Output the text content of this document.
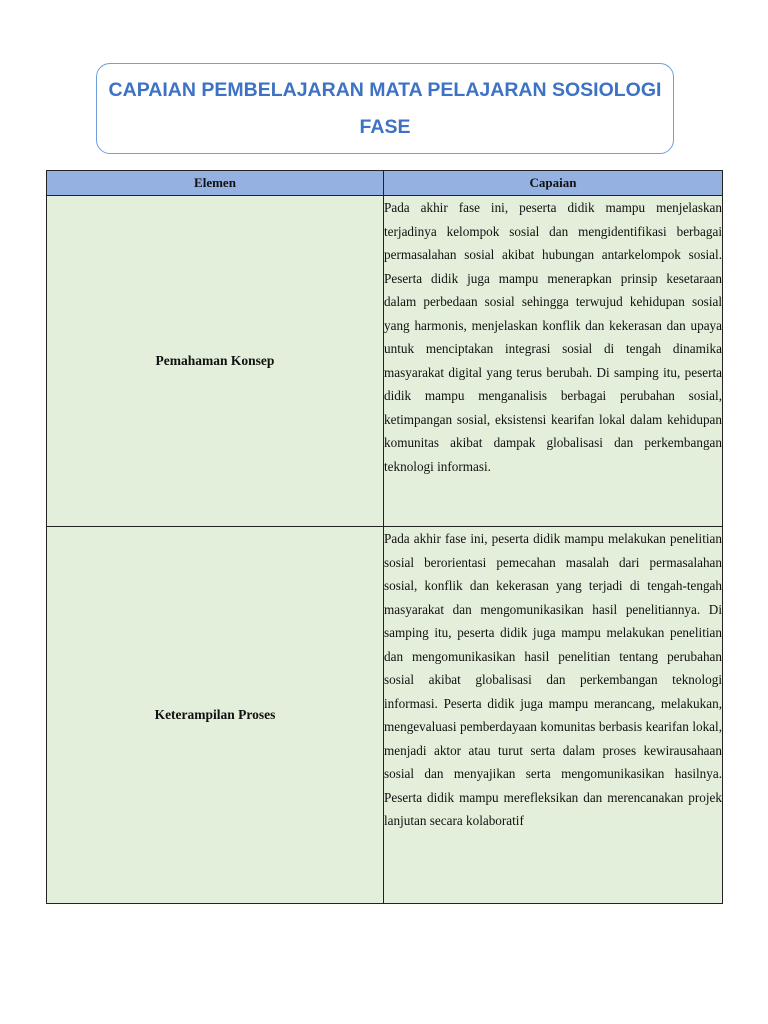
CAPAIAN PEMBELAJARAN MATA PELAJARAN SOSIOLOGI
FASE
Elemen	Capaian
Pemahaman Konsep	Pada akhir fase ini, peserta didik mampu menjelaskan terjadinya kelompok sosial dan mengidentifikasi berbagai permasalahan sosial akibat hubungan antarkelompok sosial. Peserta didik juga mampu menerapkan prinsip kesetaraan dalam perbedaan sosial sehingga terwujud kehidupan sosial yang harmonis, menjelaskan konflik dan kekerasan dan upaya untuk menciptakan integrasi sosial di tengah dinamika masyarakat digital yang terus berubah. Di samping itu, peserta didik mampu menganalisis berbagai perubahan sosial, ketimpangan sosial, eksistensi kearifan lokal dalam kehidupan komunitas akibat dampak globalisasi dan perkembangan teknologi informasi.
Keterampilan Proses	Pada akhir fase ini, peserta didik mampu melakukan penelitian sosial berorientasi pemecahan masalah dari permasalahan sosial, konflik dan kekerasan yang terjadi di tengah-tengah masyarakat dan mengomunikasikan hasil penelitiannya. Di samping itu, peserta didik juga mampu melakukan penelitian dan mengomunikasikan hasil penelitian tentang perubahan sosial akibat globalisasi dan perkembangan teknologi informasi. Peserta didik juga mampu merancang, melakukan, mengevaluasi pemberdayaan komunitas berbasis kearifan lokal, menjadi aktor atau turut serta dalam proses kewirausahaan sosial dan menyajikan serta mengomunikasikan hasilnya. Peserta didik mampu merefleksikan dan merencanakan projek lanjutan secara kolaboratif
